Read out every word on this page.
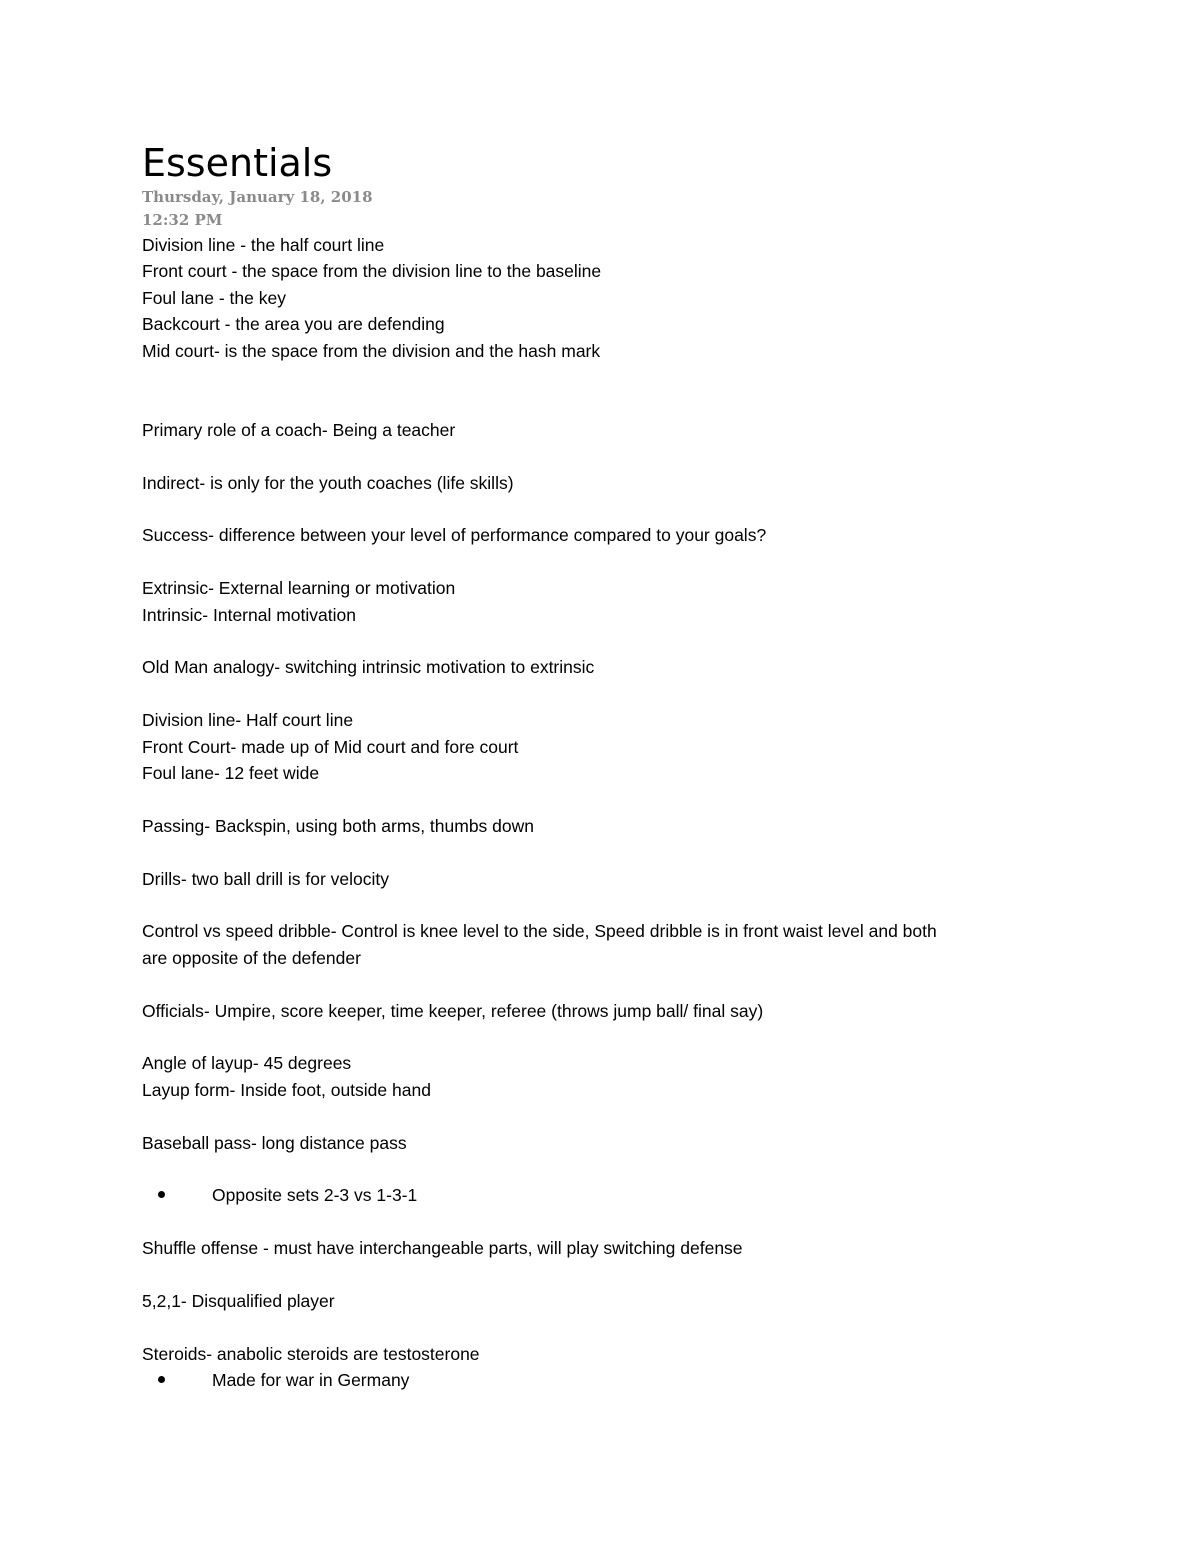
Essentials
Thursday, January 18, 2018
12:32 PM
Division line - the half court line
Front court - the space from the division line to the baseline
Foul lane - the key
Backcourt - the area you are defending
Mid court- is the space from the division and the hash mark
Primary role of a coach- Being a teacher
Indirect- is only for the youth coaches (life skills)
Success- difference between your level of performance compared to your goals?
Extrinsic- External learning or motivation
Intrinsic- Internal motivation
Old Man analogy- switching intrinsic motivation to extrinsic
Division line- Half court line
Front Court- made up of Mid court and fore court
Foul lane- 12 feet wide
Passing- Backspin, using both arms, thumbs down
Drills- two ball drill is for velocity
Control vs speed dribble- Control is knee level to the side, Speed dribble is in front waist level and both
are opposite of the defender
Officials- Umpire, score keeper, time keeper, referee (throws jump ball/ final say)
Angle of layup- 45 degrees
Layup form- Inside foot, outside hand
Baseball pass- long distance pass
Opposite sets 2-3 vs 1-3-1
Shuffle offense - must have interchangeable parts, will play switching defense
5,2,1- Disqualified player
Steroids- anabolic steroids are testosterone
Made for war in Germany
